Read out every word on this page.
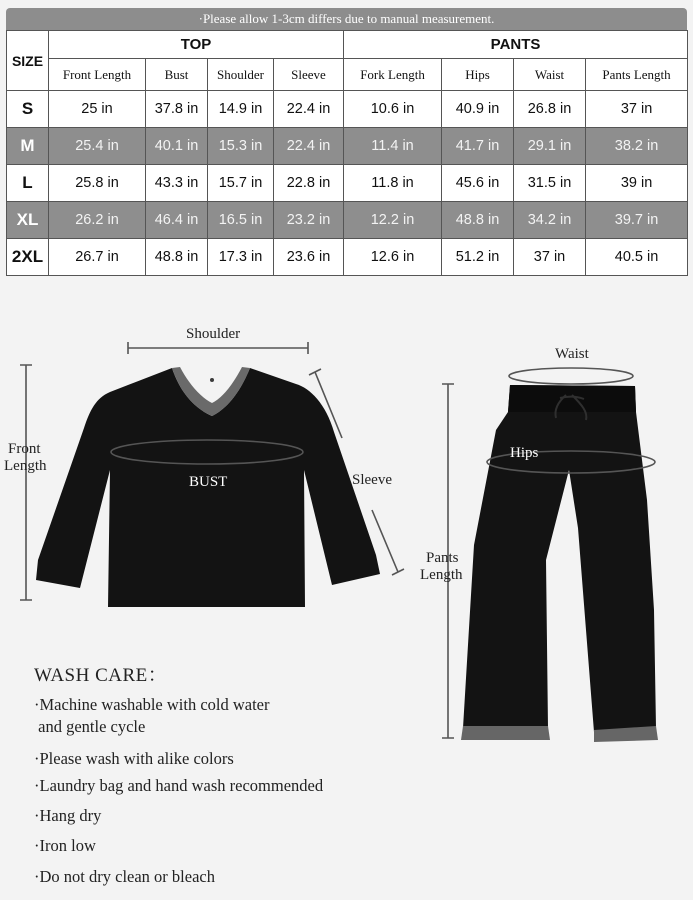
·Please allow 1-3cm differs due to manual measurement.
SIZE	TOP				PANTS			
	Front Length	Bust	Shoulder	Sleeve	Fork Length	Hips	Waist	Pants Length
S	25 in	37.8 in	14.9 in	22.4 in	10.6 in	40.9 in	26.8 in	37 in
M	25.4 in	40.1 in	15.3 in	22.4 in	11.4 in	41.7 in	29.1 in	38.2 in
L	25.8 in	43.3 in	15.7 in	22.8 in	11.8 in	45.6 in	31.5 in	39 in
XL	26.2 in	46.4 in	16.5 in	23.2 in	12.2 in	48.8 in	34.2 in	39.7 in
2XL	26.7 in	48.8 in	17.3 in	23.6 in	12.6 in	51.2 in	37 in	40.5 in
Shoulder
Front
Length
BUST	Sleeve
Waist
Hips
Pants
Length
WASH CARE：
·Machine washable with cold water
and gentle cycle
·Please wash with alike colors
·Laundry bag and hand wash recommended
·Hang dry
·Iron low
·Do not dry clean or bleach
